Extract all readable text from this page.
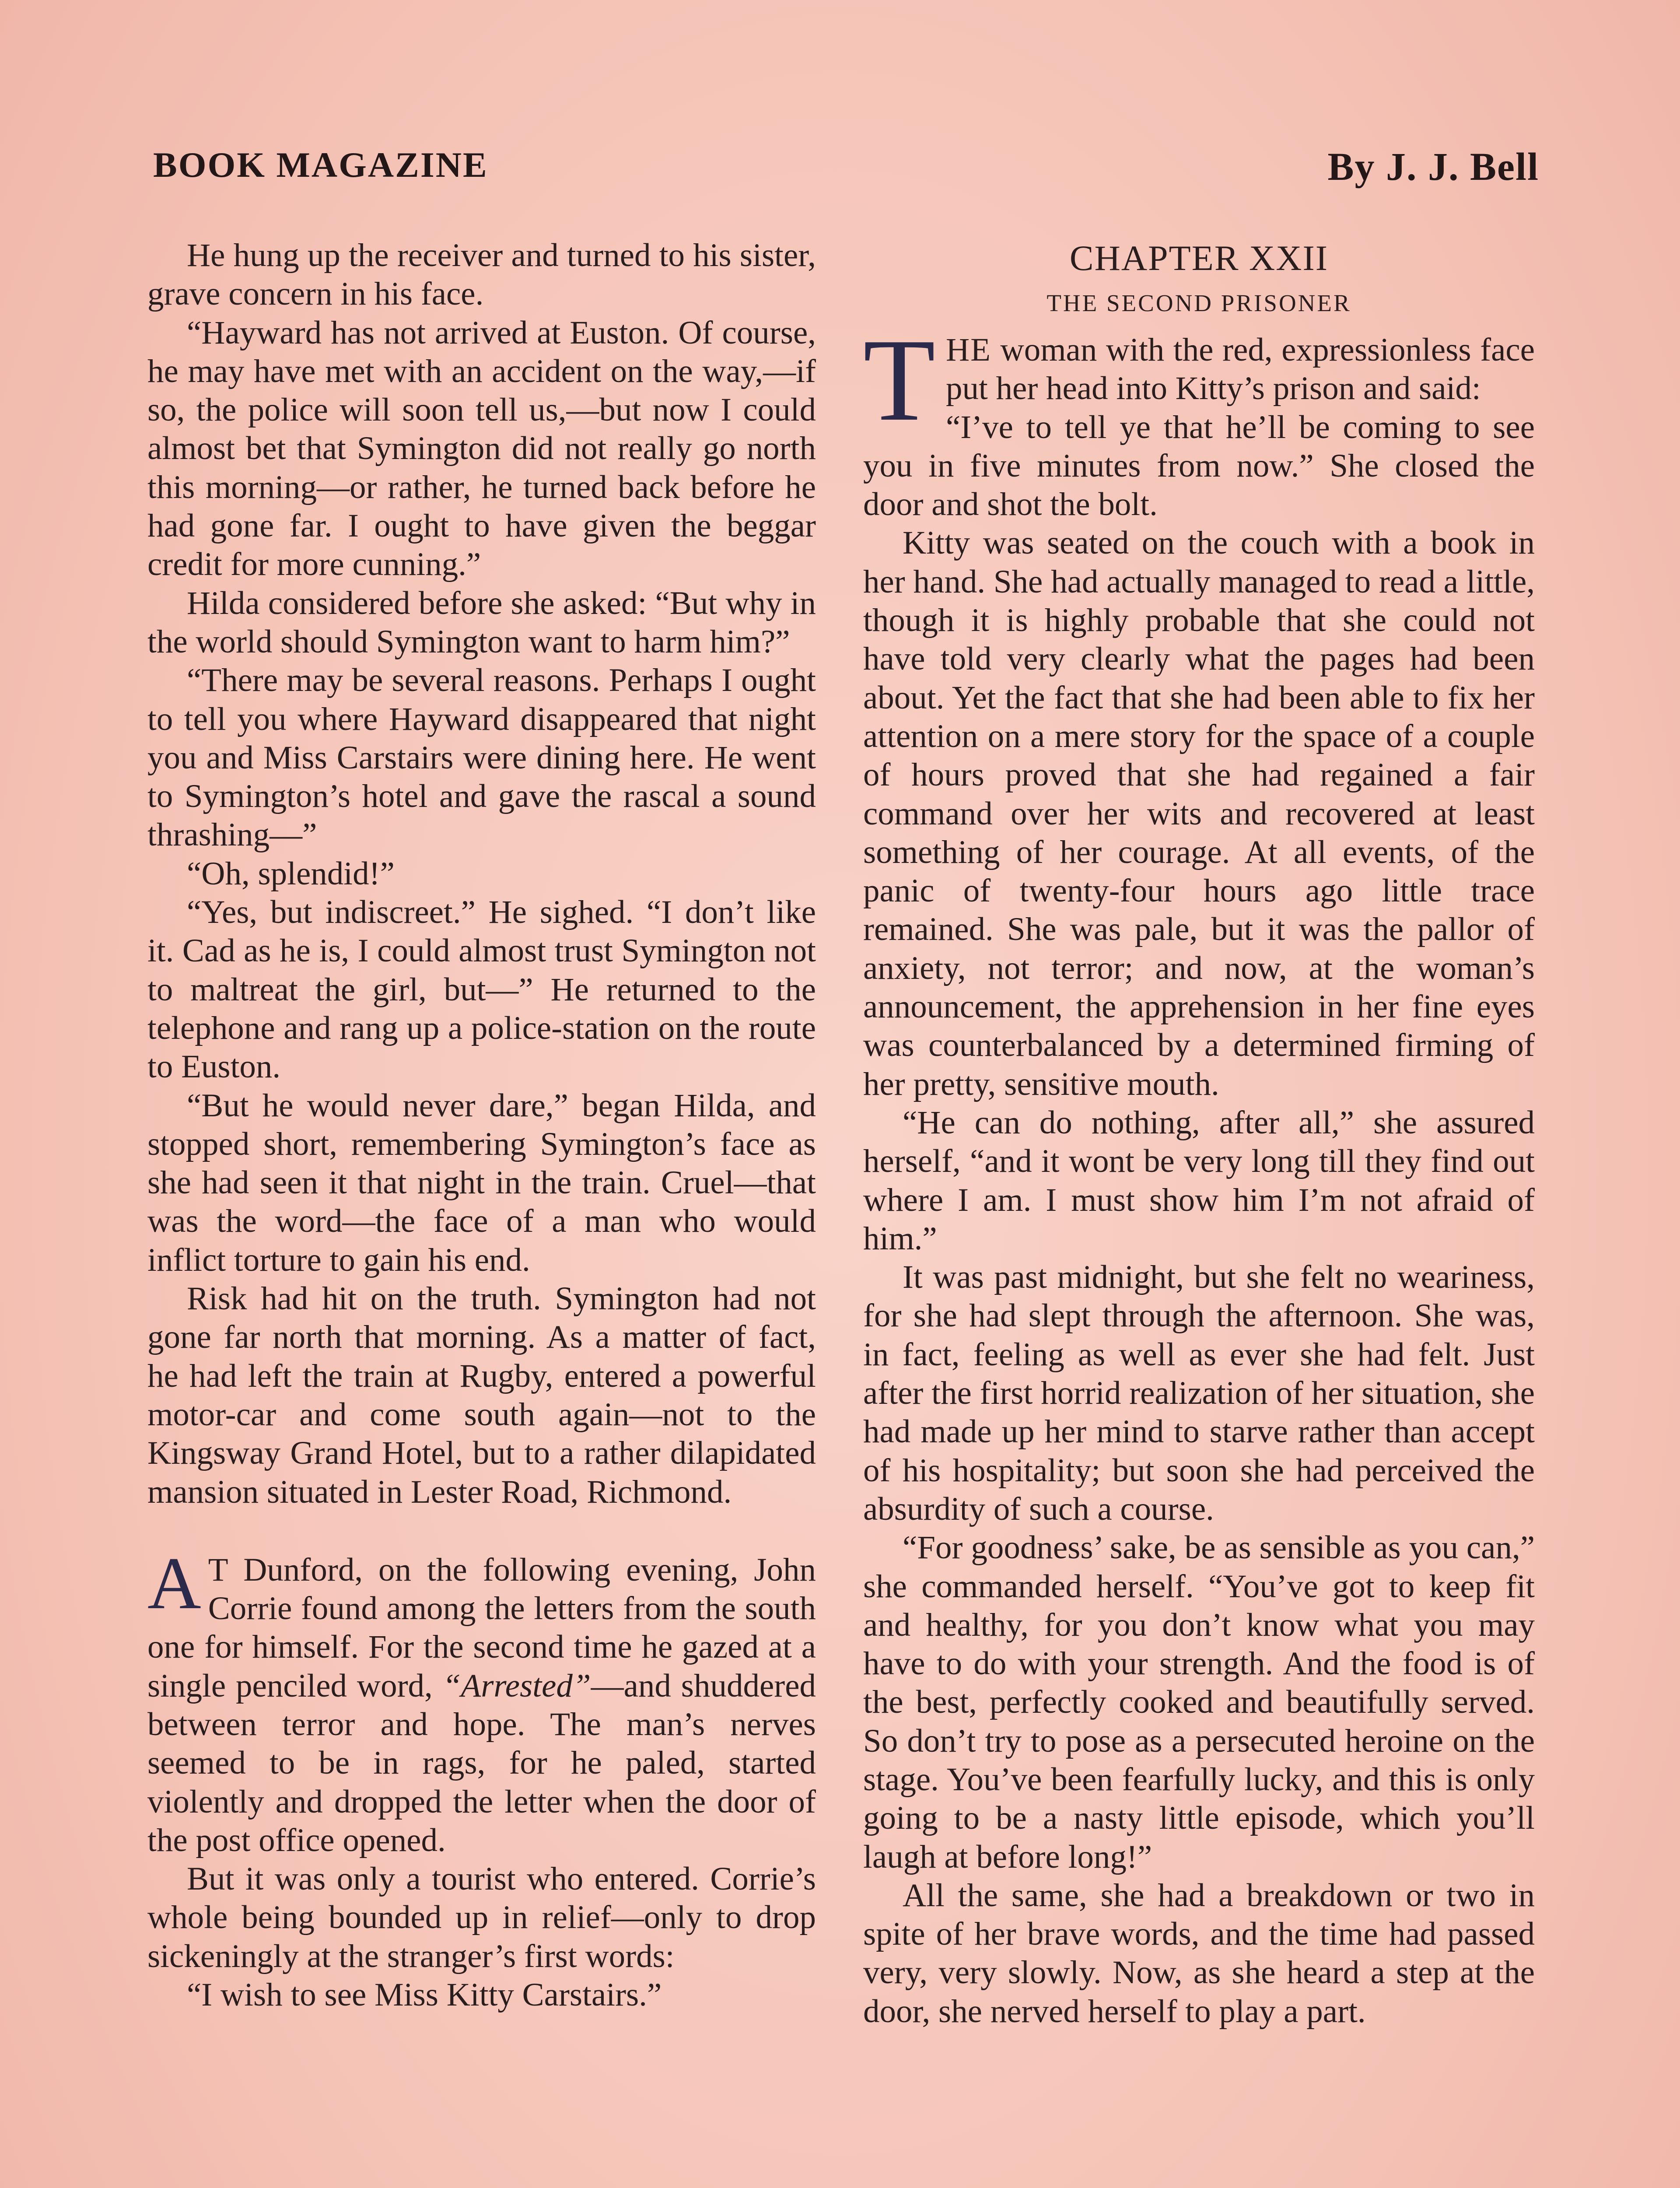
BOOK MAGAZINE	By J. J. Bell

He hung up the receiver and turned to his sister, grave concern in his face.

“Hayward has not arrived at Euston. Of course, he may have met with an accident on the way,—if so, the police will soon tell us,—but now I could almost bet that Symington did not really go north this morning—or rather, he turned back before he had gone far. I ought to have given the beggar credit for more cunning.”

Hilda considered before she asked: “But why in the world should Symington want to harm him?”

“There may be several reasons. Perhaps I ought to tell you where Hayward disappeared that night you and Miss Carstairs were dining here. He went to Symington’s hotel and gave the rascal a sound thrashing—”

“Oh, splendid!”

“Yes, but indiscreet.” He sighed. “I don’t like it. Cad as he is, I could almost trust Symington not to maltreat the girl, but—” He returned to the telephone and rang up a police-station on the route to Euston.

“But he would never dare,” began Hilda, and stopped short, remembering Symington’s face as she had seen it that night in the train. Cruel—that was the word—the face of a man who would inflict torture to gain his end.

Risk had hit on the truth. Symington had not gone far north that morning. As a matter of fact, he had left the train at Rugby, entered a powerful motor-car and come south again—not to the Kingsway Grand Hotel, but to a rather dilapidated mansion situated in Lester Road, Richmond.

A T Dunford, on the following evening, John Corrie found among the letters from the south one for himself. For the second time he gazed at a single penciled word, “Arrested”—and shuddered between terror and hope. The man’s nerves seemed to be in rags, for he paled, started violently and dropped the letter when the door of the post office opened.

But it was only a tourist who entered. Corrie’s whole being bounded up in relief—only to drop sickeningly at the stranger’s first words:

“I wish to see Miss Kitty Carstairs.”

CHAPTER XXII
THE SECOND PRISONER

THE woman with the red, expressionless face put her head into Kitty’s prison and said:

“I’ve to tell ye that he’ll be coming to see you in five minutes from now.” She closed the door and shot the bolt.

Kitty was seated on the couch with a book in her hand. She had actually managed to read a little, though it is highly probable that she could not have told very clearly what the pages had been about. Yet the fact that she had been able to fix her attention on a mere story for the space of a couple of hours proved that she had regained a fair command over her wits and recovered at least something of her courage. At all events, of the panic of twenty-four hours ago little trace remained. She was pale, but it was the pallor of anxiety, not terror; and now, at the woman’s announcement, the apprehension in her fine eyes was counterbalanced by a determined firming of her pretty, sensitive mouth.

“He can do nothing, after all,” she assured herself, “and it wont be very long till they find out where I am. I must show him I’m not afraid of him.”

It was past midnight, but she felt no weariness, for she had slept through the afternoon. She was, in fact, feeling as well as ever she had felt. Just after the first horrid realization of her situation, she had made up her mind to starve rather than accept of his hospitality; but soon she had perceived the absurdity of such a course.

“For goodness’ sake, be as sensible as you can,” she commanded herself. “You’ve got to keep fit and healthy, for you don’t know what you may have to do with your strength. And the food is of the best, perfectly cooked and beautifully served. So don’t try to pose as a persecuted heroine on the stage. You’ve been fearfully lucky, and this is only going to be a nasty little episode, which you’ll laugh at before long!”

All the same, she had a breakdown or two in spite of her brave words, and the time had passed very, very slowly. Now, as she heard a step at the door, she nerved herself to play a part.
